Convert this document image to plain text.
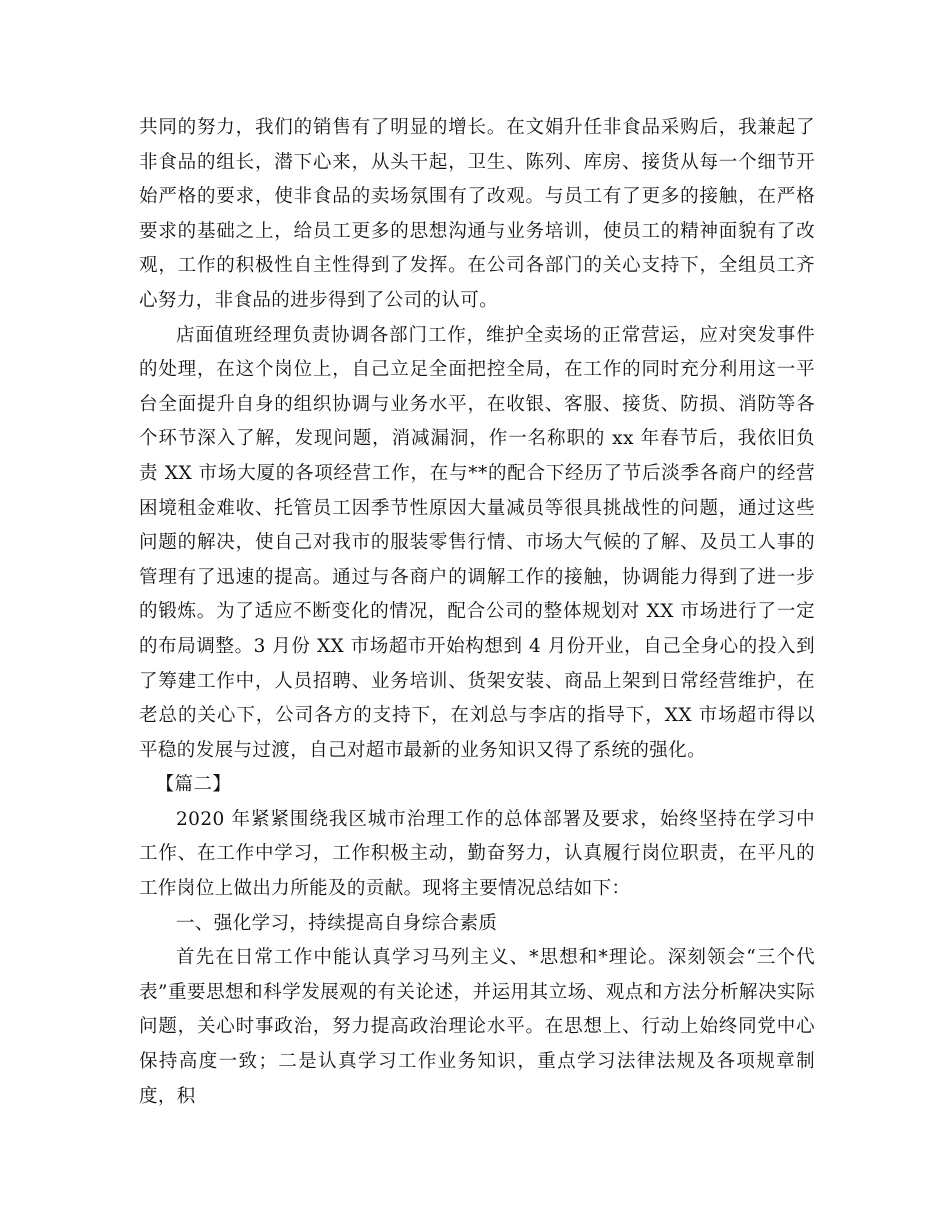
共同的努力，我们的销售有了明显的增长。在文娟升任非食品采购后，我兼起了非食品的组长，潜下心来，从头干起，卫生、陈列、库房、接货从每一个细节开始严格的要求，使非食品的卖场氛围有了改观。与员工有了更多的接触，在严格要求的基础之上，给员工更多的思想沟通与业务培训，使员工的精神面貌有了改观，工作的积极性自主性得到了发挥。在公司各部门的关心支持下，全组员工齐心努力，非食品的进步得到了公司的认可。

店面值班经理负责协调各部门工作，维护全卖场的正常营运，应对突发事件的处理，在这个岗位上，自己立足全面把控全局，在工作的同时充分利用这一平台全面提升自身的组织协调与业务水平，在收银、客服、接货、防损、消防等各个环节深入了解，发现问题，消减漏洞，作一名称职的 xx 年春节后，我依旧负责 XX 市场大厦的各项经营工作，在与**的配合下经历了节后淡季各商户的经营困境租金难收、托管员工因季节性原因大量减员等很具挑战性的问题，通过这些问题的解决，使自己对我市的服装零售行情、市场大气候的了解、及员工人事的管理有了迅速的提高。通过与各商户的调解工作的接触，协调能力得到了进一步的锻炼。为了适应不断变化的情况，配合公司的整体规划对 XX 市场进行了一定的布局调整。3 月份 XX 市场超市开始构想到 4 月份开业，自己全身心的投入到了筹建工作中，人员招聘、业务培训、货架安装、商品上架到日常经营维护，在老总的关心下，公司各方的支持下，在刘总与李店的指导下，XX 市场超市得以平稳的发展与过渡，自己对超市最新的业务知识又得了系统的强化。

【篇二】

2020 年紧紧围绕我区城市治理工作的总体部署及要求，始终坚持在学习中工作、在工作中学习，工作积极主动，勤奋努力，认真履行岗位职责，在平凡的工作岗位上做出力所能及的贡献。现将主要情况总结如下：

一、强化学习，持续提高自身综合素质

首先在日常工作中能认真学习马列主义、*思想和*理论。深刻领会“三个代表”重要思想和科学发展观的有关论述，并运用其立场、观点和方法分析解决实际问题，关心时事政治，努力提高政治理论水平。在思想上、行动上始终同党中心保持高度一致；二是认真学习工作业务知识，重点学习法律法规及各项规章制度，积
